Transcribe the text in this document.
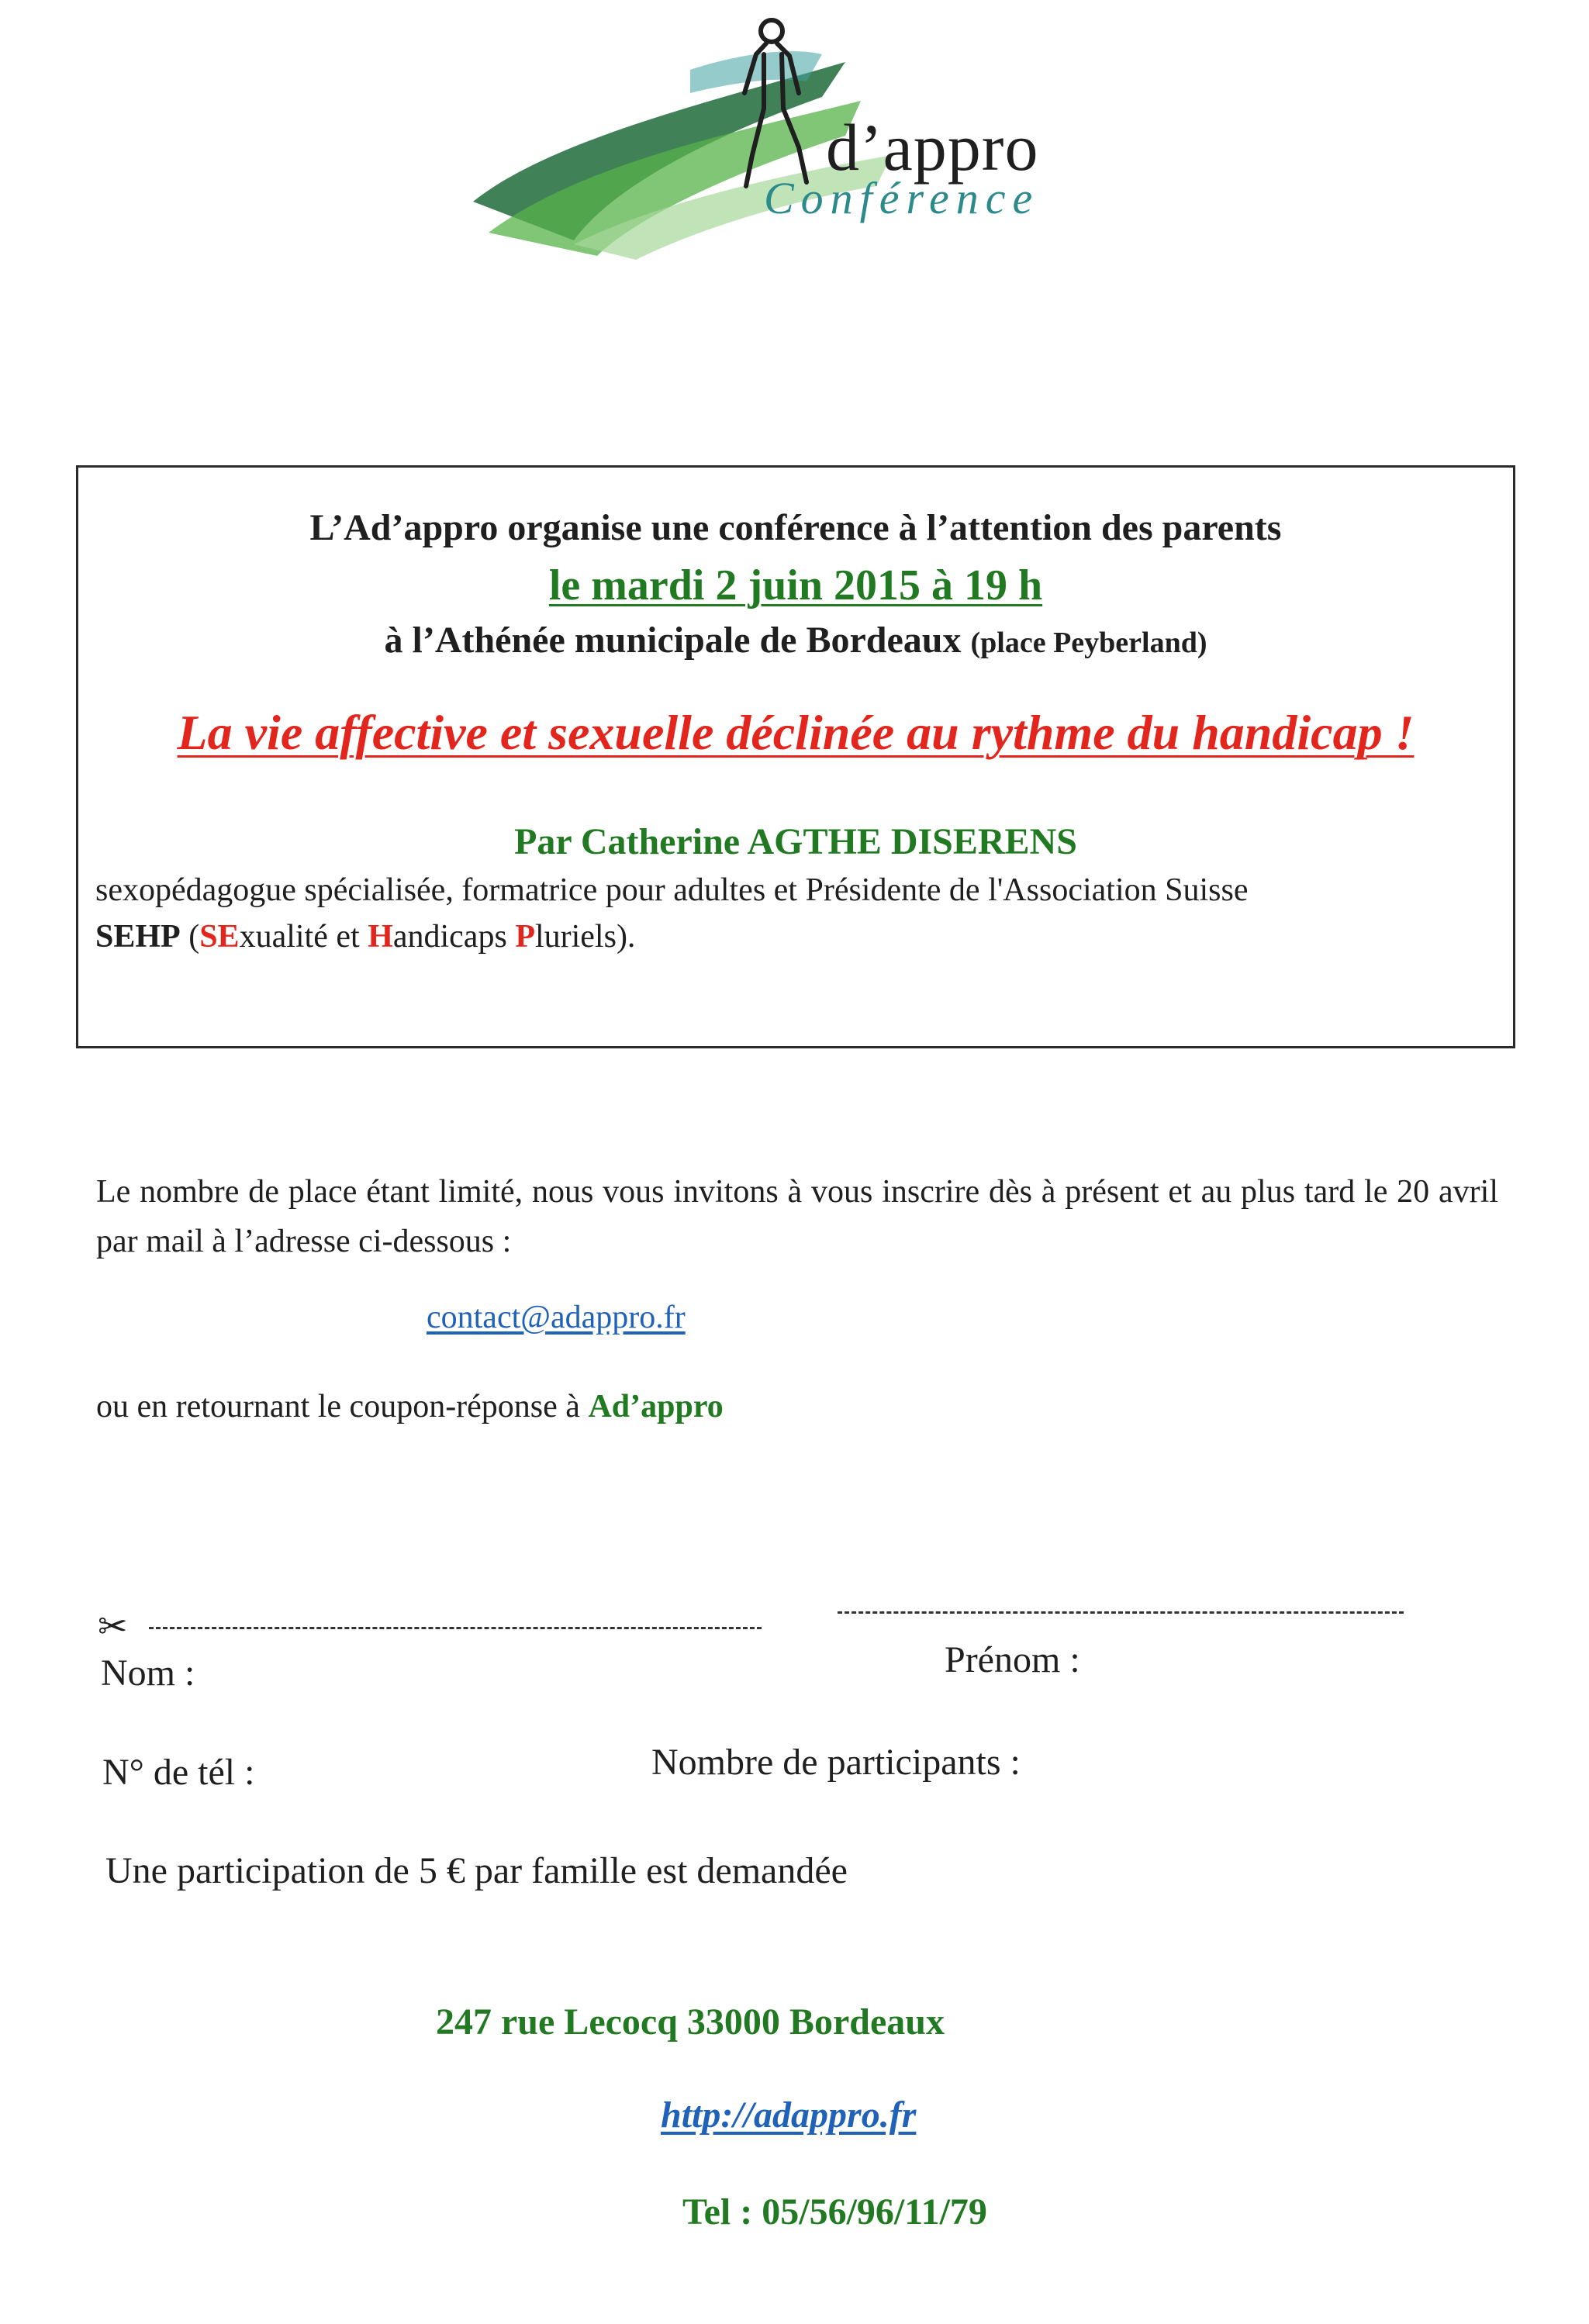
d’appro
Conférence
L’Ad’appro organise une conférence à l’attention des parents
le mardi 2 juin 2015 à 19 h
à l’Athénée municipale de Bordeaux (place Peyberland)
La vie affective et sexuelle déclinée au rythme du handicap !
Par Catherine AGTHE DISERENS
sexopédagogue spécialisée, formatrice pour adultes et Présidente de l'Association Suisse
SEHP (SExualité et Handicaps Pluriels).
Le nombre de place étant limité, nous vous invitons à vous inscrire dès à présent et au plus tard le 20 avril par mail à l’adresse ci-dessous :
contact@adappro.fr
ou en retournant le coupon-réponse à Ad’appro
✂
Nom :	Prénom :
N° de tél :	Nombre de participants :
Une participation de 5 € par famille est demandée
247 rue Lecocq 33000 Bordeaux
http://adappro.fr
Tel : 05/56/96/11/79
